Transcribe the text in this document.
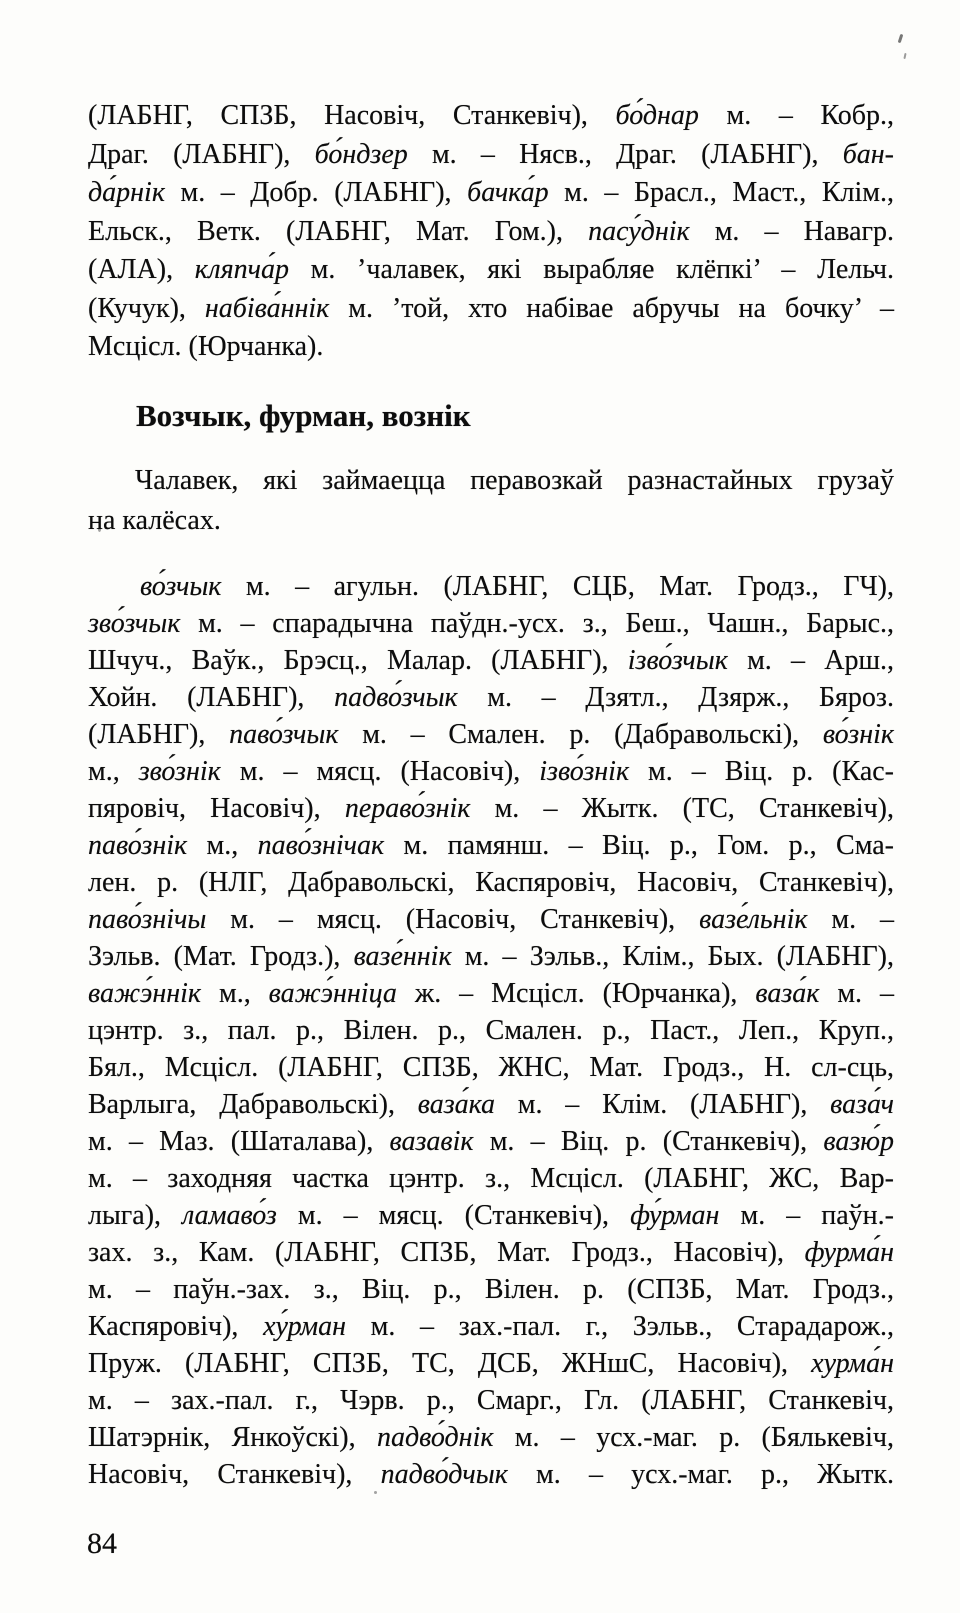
(ЛАБНГ, СПЗБ, Насовіч, Станкевіч), бо́днар м. – Кобр.,
Драг. (ЛАБНГ), бо́ндзер м. – Нясв., Драг. (ЛАБНГ), бан-
да́рнік м. – Добр. (ЛАБНГ), бачка́р м. – Брасл., Маст., Клім.,
Ельск., Ветк. (ЛАБНГ, Мат. Гом.), пасу́днік м. – Навагр.
(АЛА), кляпча́р м. ’чалавек, які вырабляе клёпкі’ – Лельч.
(Кучук), набіва́ннік м. ’той, хто набівае абручы на бочку’ –
Мсцісл. (Юрчанка).
Возчык, фурман, вознік
Чалавек, які займаецца перавозкай разнастайных грузаў
на калёсах.
во́зчык м. – агульн. (ЛАБНГ, СЦБ, Мат. Гродз., ГЧ),
зво́зчык м. – спарадычна паўдн.-усх. з., Беш., Чашн., Барыс.,
Шчуч., Ваўк., Брэсц., Малар. (ЛАБНГ), ізво́зчык м. – Арш.,
Хойн. (ЛАБНГ), падво́зчык м. – Дзятл., Дзярж., Бяроз.
(ЛАБНГ), паво́зчык м. – Смален. р. (Дабравольскі), во́знік
м., зво́знік м. – мясц. (Насовіч), ізво́знік м. – Віц. р. (Кас-
пяровіч, Насовіч), пераво́знік м. – Жытк. (ТС, Станкевіч),
паво́знік м., паво́знічак м. памянш. – Віц. р., Гом. р., Сма-
лен. р. (НЛГ, Дабравольскі, Каспяровіч, Насовіч, Станкевіч),
паво́знічы м. – мясц. (Насовіч, Станкевіч), вазе́льнік м. –
Зэльв. (Мат. Гродз.), вазе́ннік м. – Зэльв., Клім., Бых. (ЛАБНГ),
важэ́ннік м., важэ́нніца ж. – Мсцісл. (Юрчанка), ваза́к м. –
цэнтр. з., пал. р., Вілен. р., Смален. р., Паст., Леп., Круп.,
Бял., Мсцісл. (ЛАБНГ, СПЗБ, ЖНС, Мат. Гродз., Н. сл-сць,
Варлыга, Дабравольскі), ваза́ка м. – Клім. (ЛАБНГ), ваза́ч
м. – Маз. (Шаталава), вазавік м. – Віц. р. (Станкевіч), вазю́р
м. – заходняя частка цэнтр. з., Мсцісл. (ЛАБНГ, ЖС, Вар-
лыга), ламаво́з м. – мясц. (Станкевіч), фу́рман м. – паўн.-
зах. з., Кам. (ЛАБНГ, СПЗБ, Мат. Гродз., Насовіч), фурма́н
м. – паўн.-зах. з., Віц. р., Вілен. р. (СПЗБ, Мат. Гродз.,
Каспяровіч), ху́рман м. – зах.-пал. г., Зэльв., Старадарож.,
Пруж. (ЛАБНГ, СПЗБ, ТС, ДСБ, ЖНшС, Насовіч), хурма́н
м. – зах.-пал. г., Чэрв. р., Смарг., Гл. (ЛАБНГ, Станкевіч,
Шатэрнік, Янкоўскі), падво́днік м. – усх.-маг. р. (Бялькевіч,
Насовіч, Станкевіч), падво́дчык м. – усх.-маг. р., Жытк.
84
